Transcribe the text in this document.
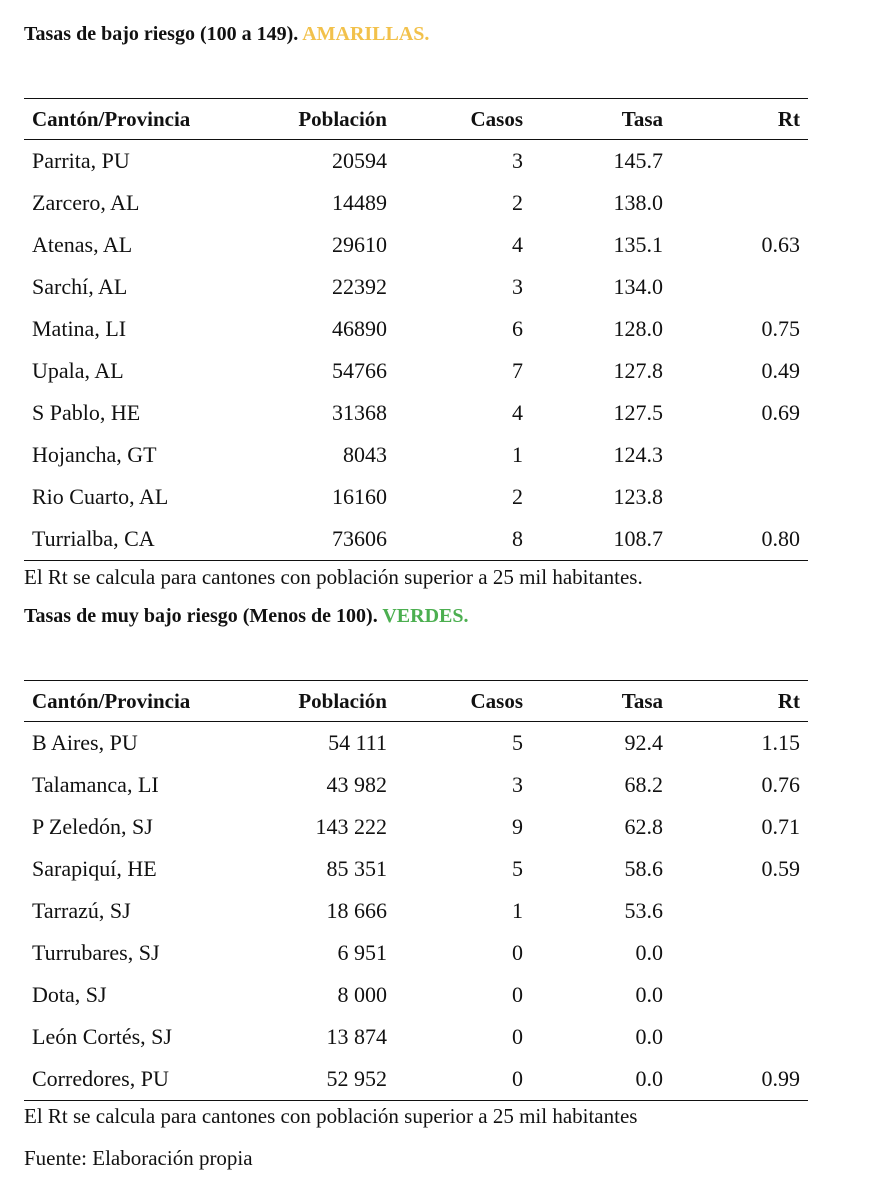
Tasas de bajo riesgo (100 a 149). AMARILLAS.

Cantón/Provincia	Población	Casos	Tasa	Rt
Parrita, PU	20594	3	145.7	
Zarcero, AL	14489	2	138.0	
Atenas, AL	29610	4	135.1	0.63
Sarchí, AL	22392	3	134.0	
Matina, LI	46890	6	128.0	0.75
Upala, AL	54766	7	127.8	0.49
S Pablo, HE	31368	4	127.5	0.69
Hojancha, GT	8043	1	124.3	
Rio Cuarto, AL	16160	2	123.8	
Turrialba, CA	73606	8	108.7	0.80

El Rt se calcula para cantones con población superior a 25 mil habitantes.

Tasas de muy bajo riesgo (Menos de 100). VERDES.

Cantón/Provincia	Población	Casos	Tasa	Rt
B Aires, PU	54 111	5	92.4	1.15
Talamanca, LI	43 982	3	68.2	0.76
P Zeledón, SJ	143 222	9	62.8	0.71
Sarapiquí, HE	85 351	5	58.6	0.59
Tarrazú, SJ	18 666	1	53.6	
Turrubares, SJ	6 951	0	0.0	
Dota, SJ	8 000	0	0.0	
León Cortés, SJ	13 874	0	0.0	
Corredores, PU	52 952	0	0.0	0.99

El Rt se calcula para cantones con población superior a 25 mil habitantes

Fuente: Elaboración propia
